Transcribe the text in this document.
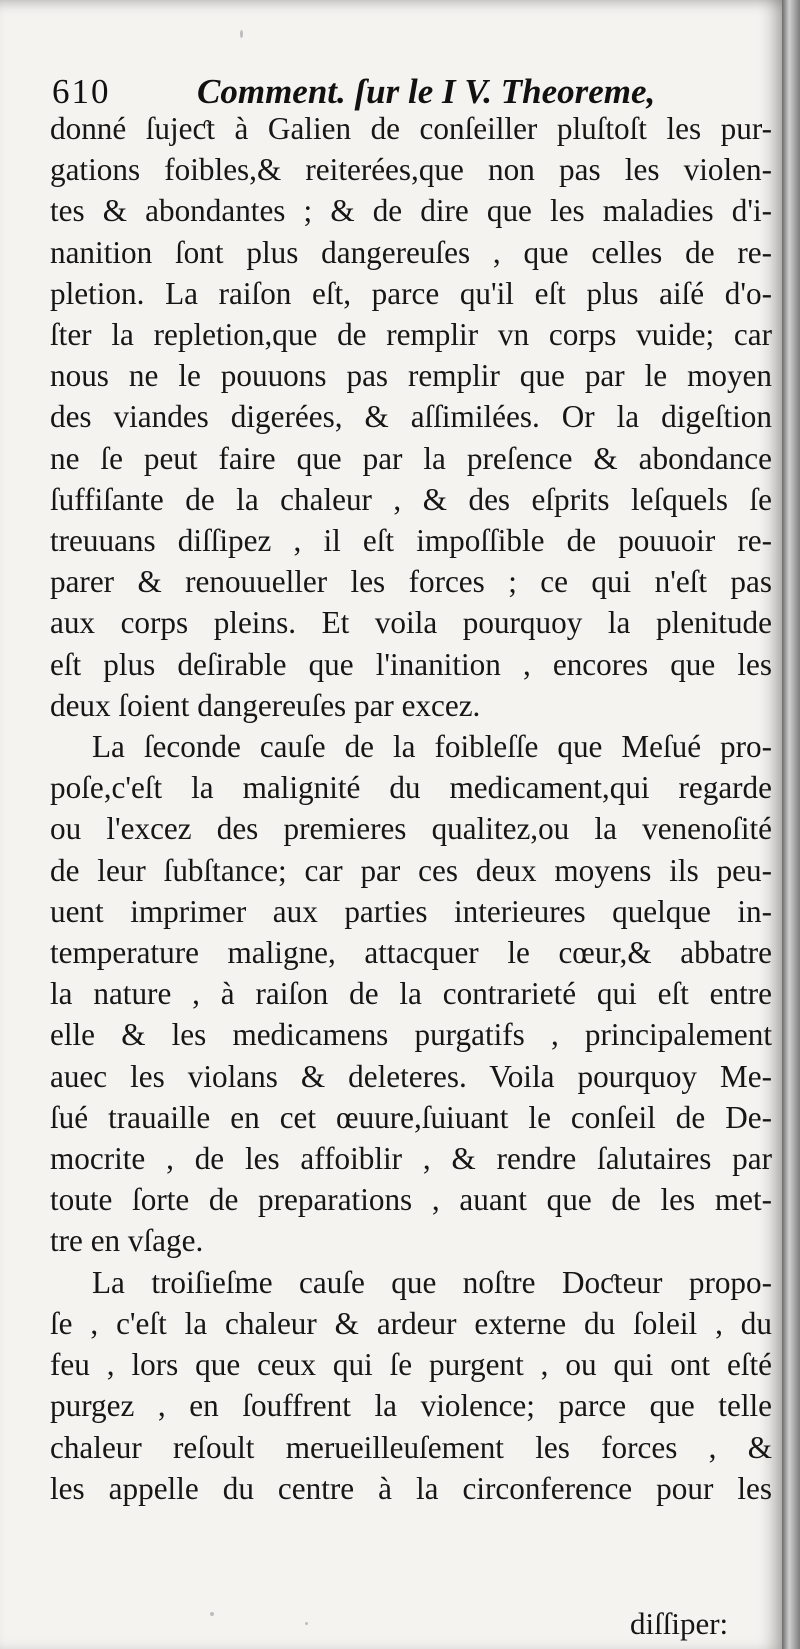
610 Comment. ſur le I V. Theoreme,
donné ſujeƈt à Galien de conſeiller pluſtoſt les pur-
gations foibles,& reiterées,que non pas les violen-
tes & abondantes ; & de dire que les maladies d'i-
nanition ſont plus dangereuſes , que celles de re-
pletion. La raiſon eſt, parce qu'il eſt plus aiſé d'o-
ſter la repletion,que de remplir vn corps vuide; car
nous ne le pouuons pas remplir que par le moyen
des viandes digerées, & aſſimilées. Or la digeſtion
ne ſe peut faire que par la preſence & abondance
ſuffiſante de la chaleur , & des eſprits leſquels ſe
treuuans diſſipez , il eſt impoſſible de pouuoir re-
parer & renouueller les forces ; ce qui n'eſt pas
aux corps pleins. Et voila pourquoy la plenitude
eſt plus deſirable que l'inanition , encores que les
deux ſoient dangereuſes par excez.
La ſeconde cauſe de la foibleſſe que Meſué pro-
poſe,c'eſt la malignité du medicament,qui regarde
ou l'excez des premieres qualitez,ou la venenoſité
de leur ſubſtance; car par ces deux moyens ils peu-
uent imprimer aux parties interieures quelque in-
temperature maligne, attacquer le cœur,& abbatre
la nature , à raiſon de la contrarieté qui eſt entre
elle & les medicamens purgatifs , principalement
auec les violans & deleteres. Voila pourquoy Me-
ſué trauaille en cet œuure,ſuiuant le conſeil de De-
mocrite , de les affoiblir , & rendre ſalutaires par
toute ſorte de preparations , auant que de les met-
tre en vſage.
La troiſieſme cauſe que noſtre Doƈteur propo-
ſe , c'eſt la chaleur & ardeur externe du ſoleil , du
feu , lors que ceux qui ſe purgent , ou qui ont eſté
purgez , en ſouffrent la violence; parce que telle
chaleur reſoult merueilleuſement les forces , &
les appelle du centre à la circonference pour les
diſſiper:
